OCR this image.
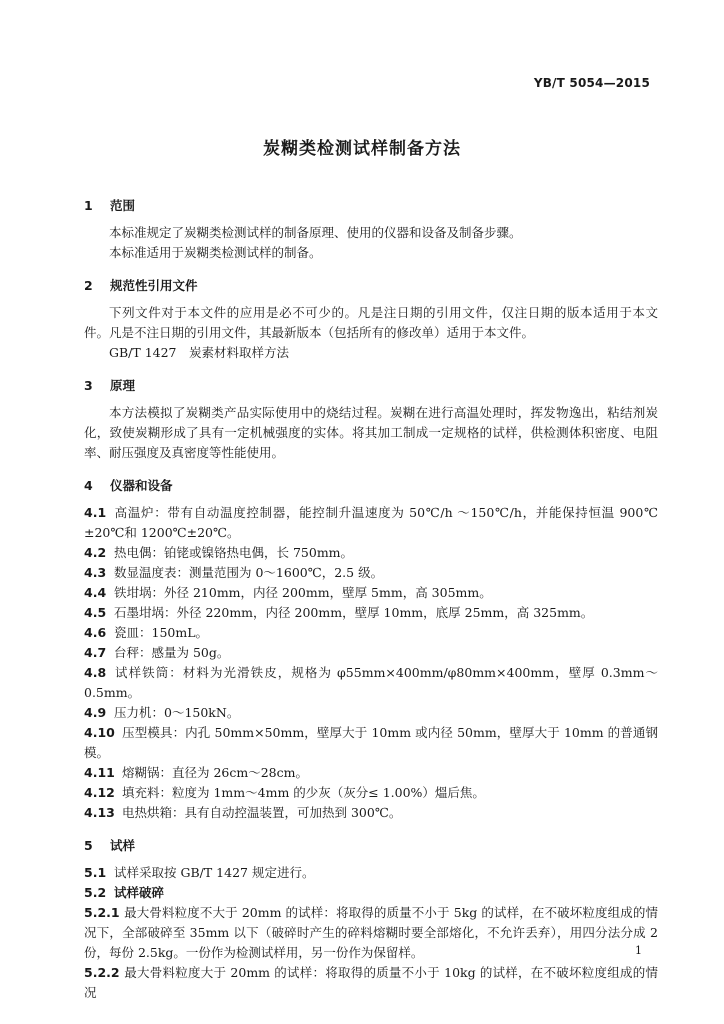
YB/T 5054—2015
炭糊类检测试样制备方法
1 范围

本标准规定了炭糊类检测试样的制备原理、使用的仪器和设备及制备步骤。

本标准适用于炭糊类检测试样的制备。

2 规范性引用文件

下列文件对于本文件的应用是必不可少的。凡是注日期的引用文件，仅注日期的版本适用于本文件。凡是不注日期的引用文件，其最新版本（包括所有的修改单）适用于本文件。

GB/T 1427　炭素材料取样方法

3 原理

本方法模拟了炭糊类产品实际使用中的烧结过程。炭糊在进行高温处理时，挥发物逸出，粘结剂炭化，致使炭糊形成了具有一定机械强度的实体。将其加工制成一定规格的试样，供检测体积密度、电阻率、耐压强度及真密度等性能使用。

4 仪器和设备

4.1 高温炉：带有自动温度控制器，能控制升温速度为 50℃/h ～150℃/h，并能保持恒温 900℃±20℃和 1200℃±20℃。

4.2 热电偶：铂铑或镍铬热电偶，长 750mm。

4.3 数显温度表：测量范围为 0～1600℃，2.5 级。

4.4 铁坩埚：外径 210mm，内径 200mm，壁厚 5mm，高 305mm。

4.5 石墨坩埚：外径 220mm，内径 200mm，壁厚 10mm，底厚 25mm，高 325mm。

4.6 瓷皿：150mL。

4.7 台秤：感量为 50g。

4.8 试样铁筒：材料为光滑铁皮，规格为 φ55mm×400mm/φ80mm×400mm，壁厚 0.3mm～0.5mm。

4.9 压力机：0～150kN。

4.10 压型模具：内孔 50mm×50mm，壁厚大于 10mm 或内径 50mm，壁厚大于 10mm 的普通钢模。

4.11 熔糊锅：直径为 26cm～28cm。

4.12 填充料：粒度为 1mm～4mm 的少灰（灰分≤ 1.00%）熅后焦。

4.13 电热烘箱：具有自动控温装置，可加热到 300℃。

5 试样

5.1 试样采取按 GB/T 1427 规定进行。

5.2 试样破碎

5.2.1 最大骨料粒度不大于 20mm 的试样：将取得的质量不小于 5kg 的试样，在不破坏粒度组成的情况下，全部破碎至 35mm 以下（破碎时产生的碎料熔糊时要全部熔化，不允许丢弃），用四分法分成 2 份，每份 2.5kg。一份作为检测试样用，另一份作为保留样。

5.2.2 最大骨料粒度大于 20mm 的试样：将取得的质量不小于 10kg 的试样，在不破坏粒度组成的情况

1
